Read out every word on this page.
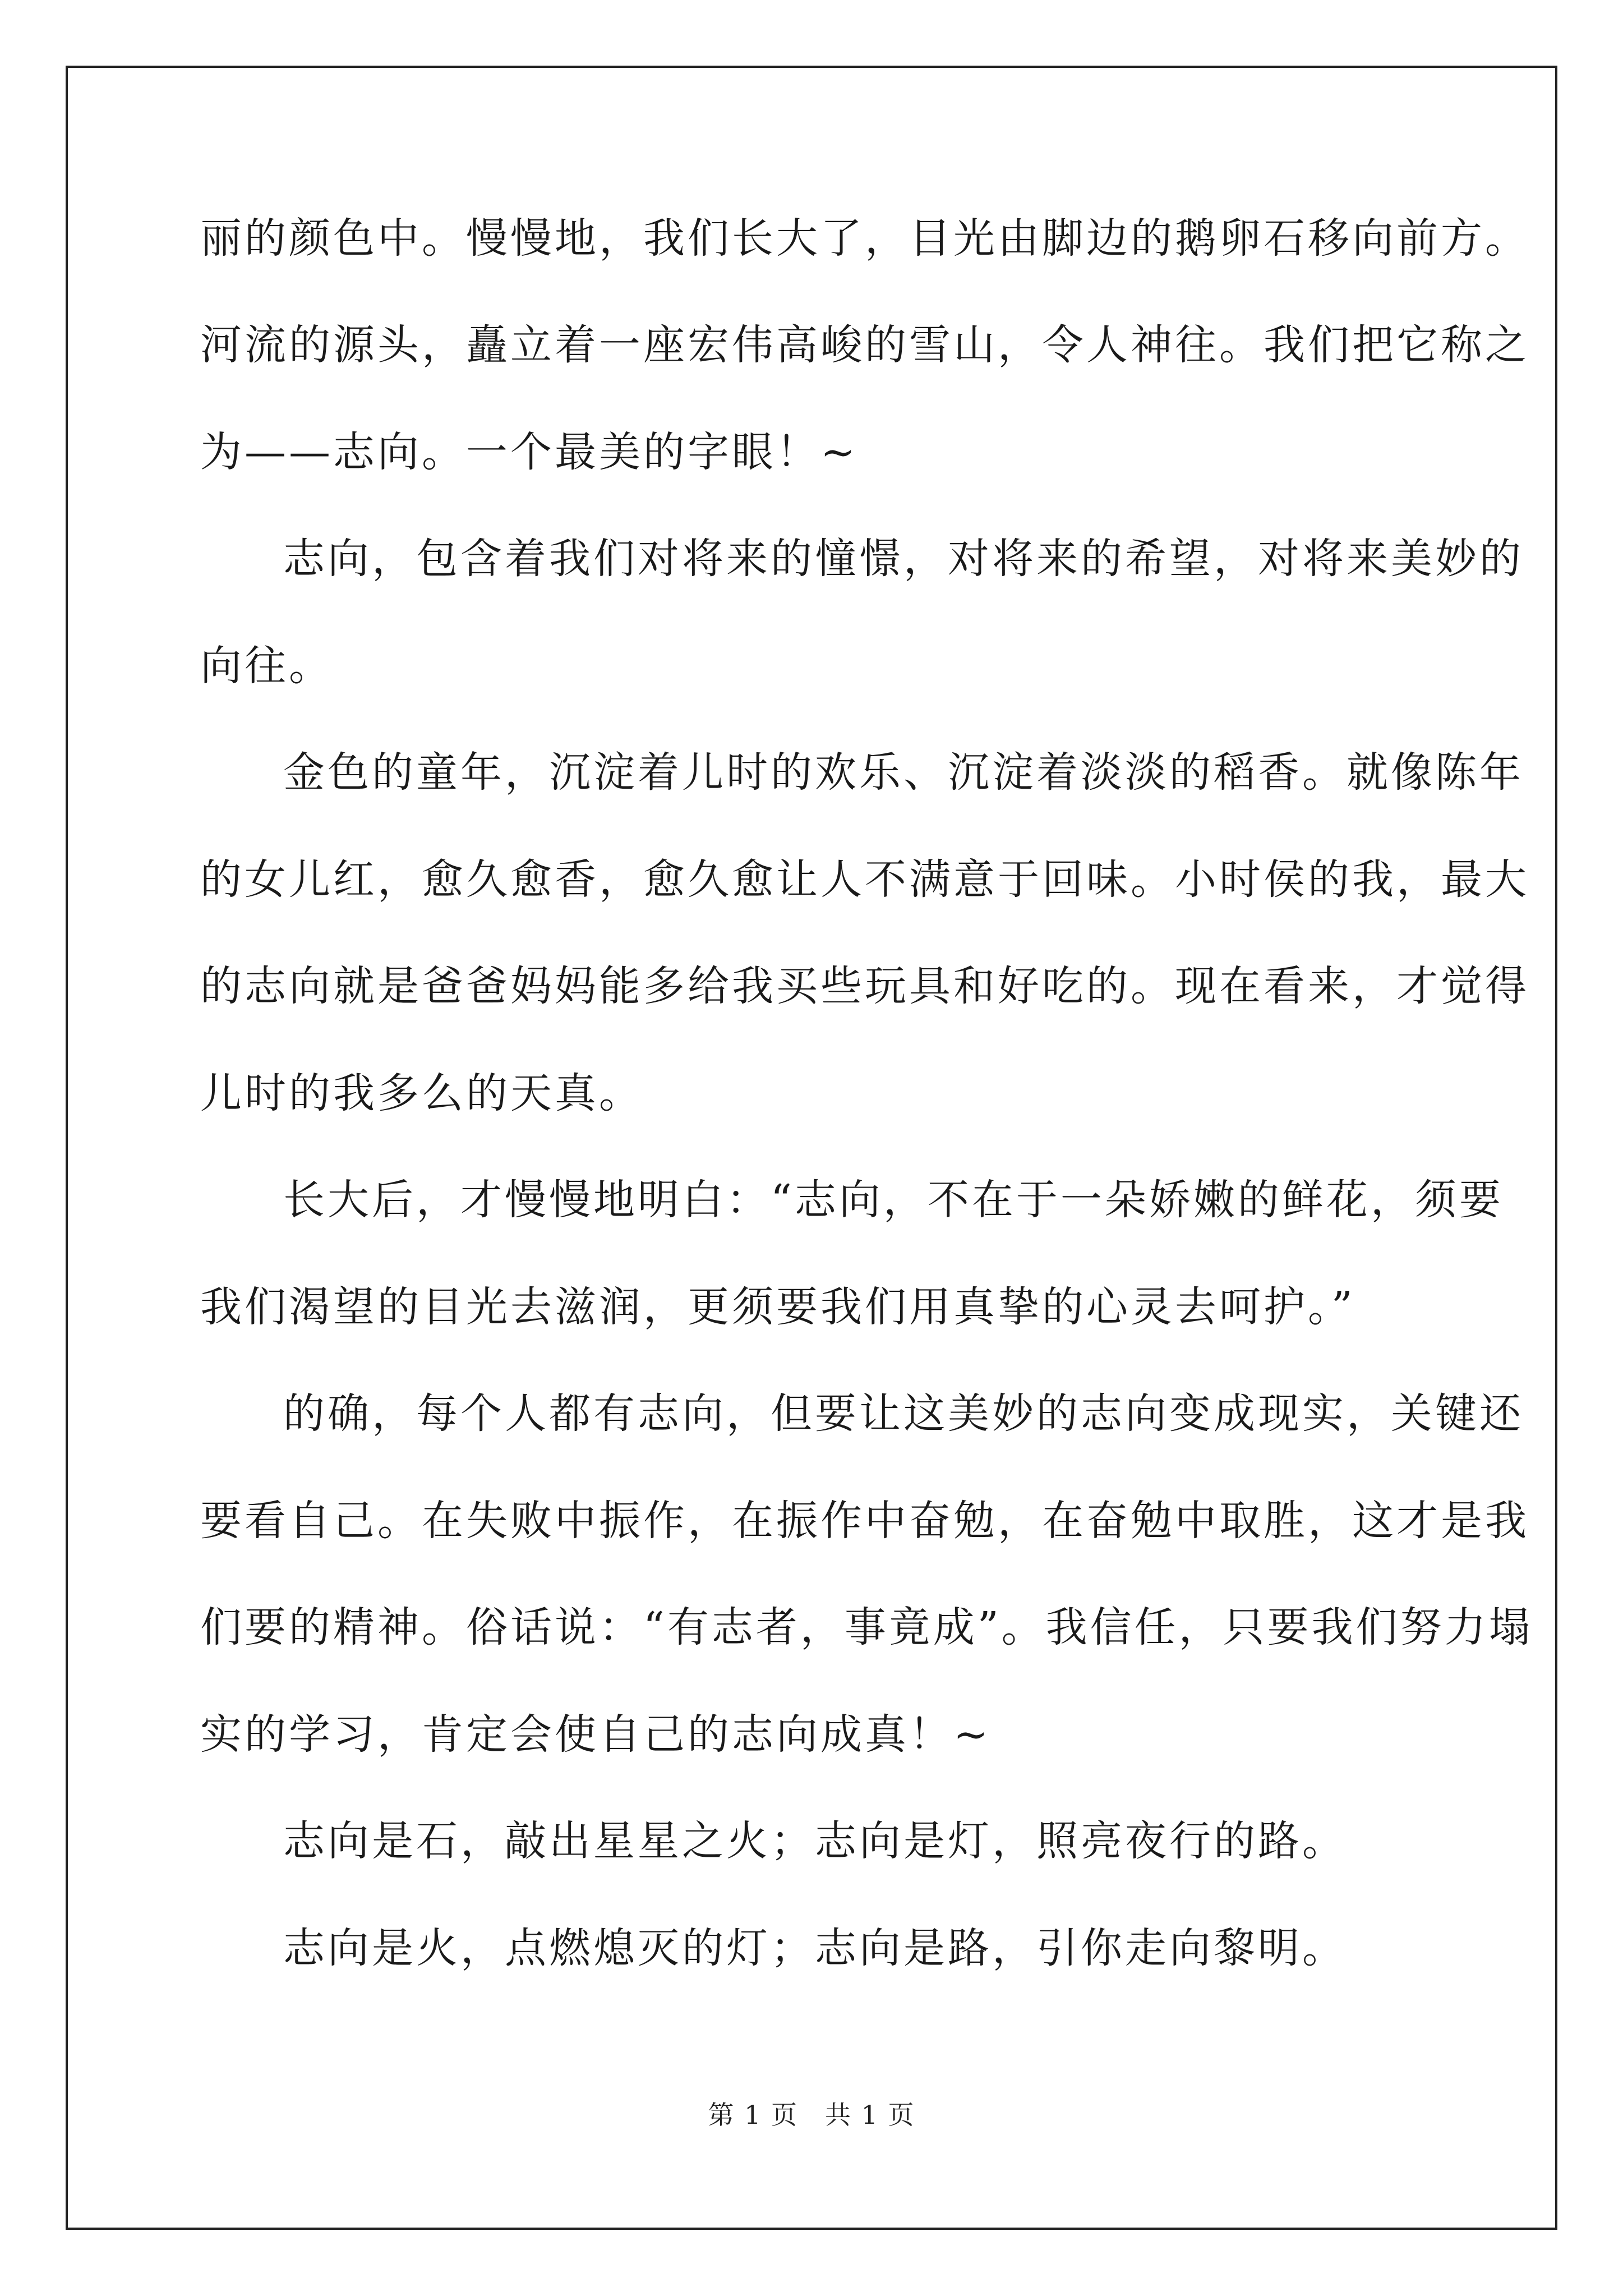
丽的颜色中。慢慢地，我们长大了，目光由脚边的鹅卵石移向前方。
河流的源头，矗立着一座宏伟高峻的雪山，令人神往。我们把它称之
为——志向。一个最美的字眼！~
志向，包含着我们对将来的憧憬，对将来的希望，对将来美妙的
向往。
金色的童年，沉淀着儿时的欢乐、沉淀着淡淡的稻香。就像陈年
的女儿红，愈久愈香，愈久愈让人不满意于回味。小时侯的我，最大
的志向就是爸爸妈妈能多给我买些玩具和好吃的。现在看来，才觉得
儿时的我多么的天真。
长大后，才慢慢地明白：“志向，不在于一朵娇嫩的鲜花，须要
我们渴望的目光去滋润，更须要我们用真挚的心灵去呵护。”
的确，每个人都有志向，但要让这美妙的志向变成现实，关键还
要看自己。在失败中振作，在振作中奋勉，在奋勉中取胜，这才是我
们要的精神。俗话说：“有志者，事竟成”。我信任，只要我们努力塌
实的学习，肯定会使自己的志向成真！~
志向是石，敲出星星之火；志向是灯，照亮夜行的路。
志向是火，点燃熄灭的灯；志向是路，引你走向黎明。
第 1 页　共 1 页
